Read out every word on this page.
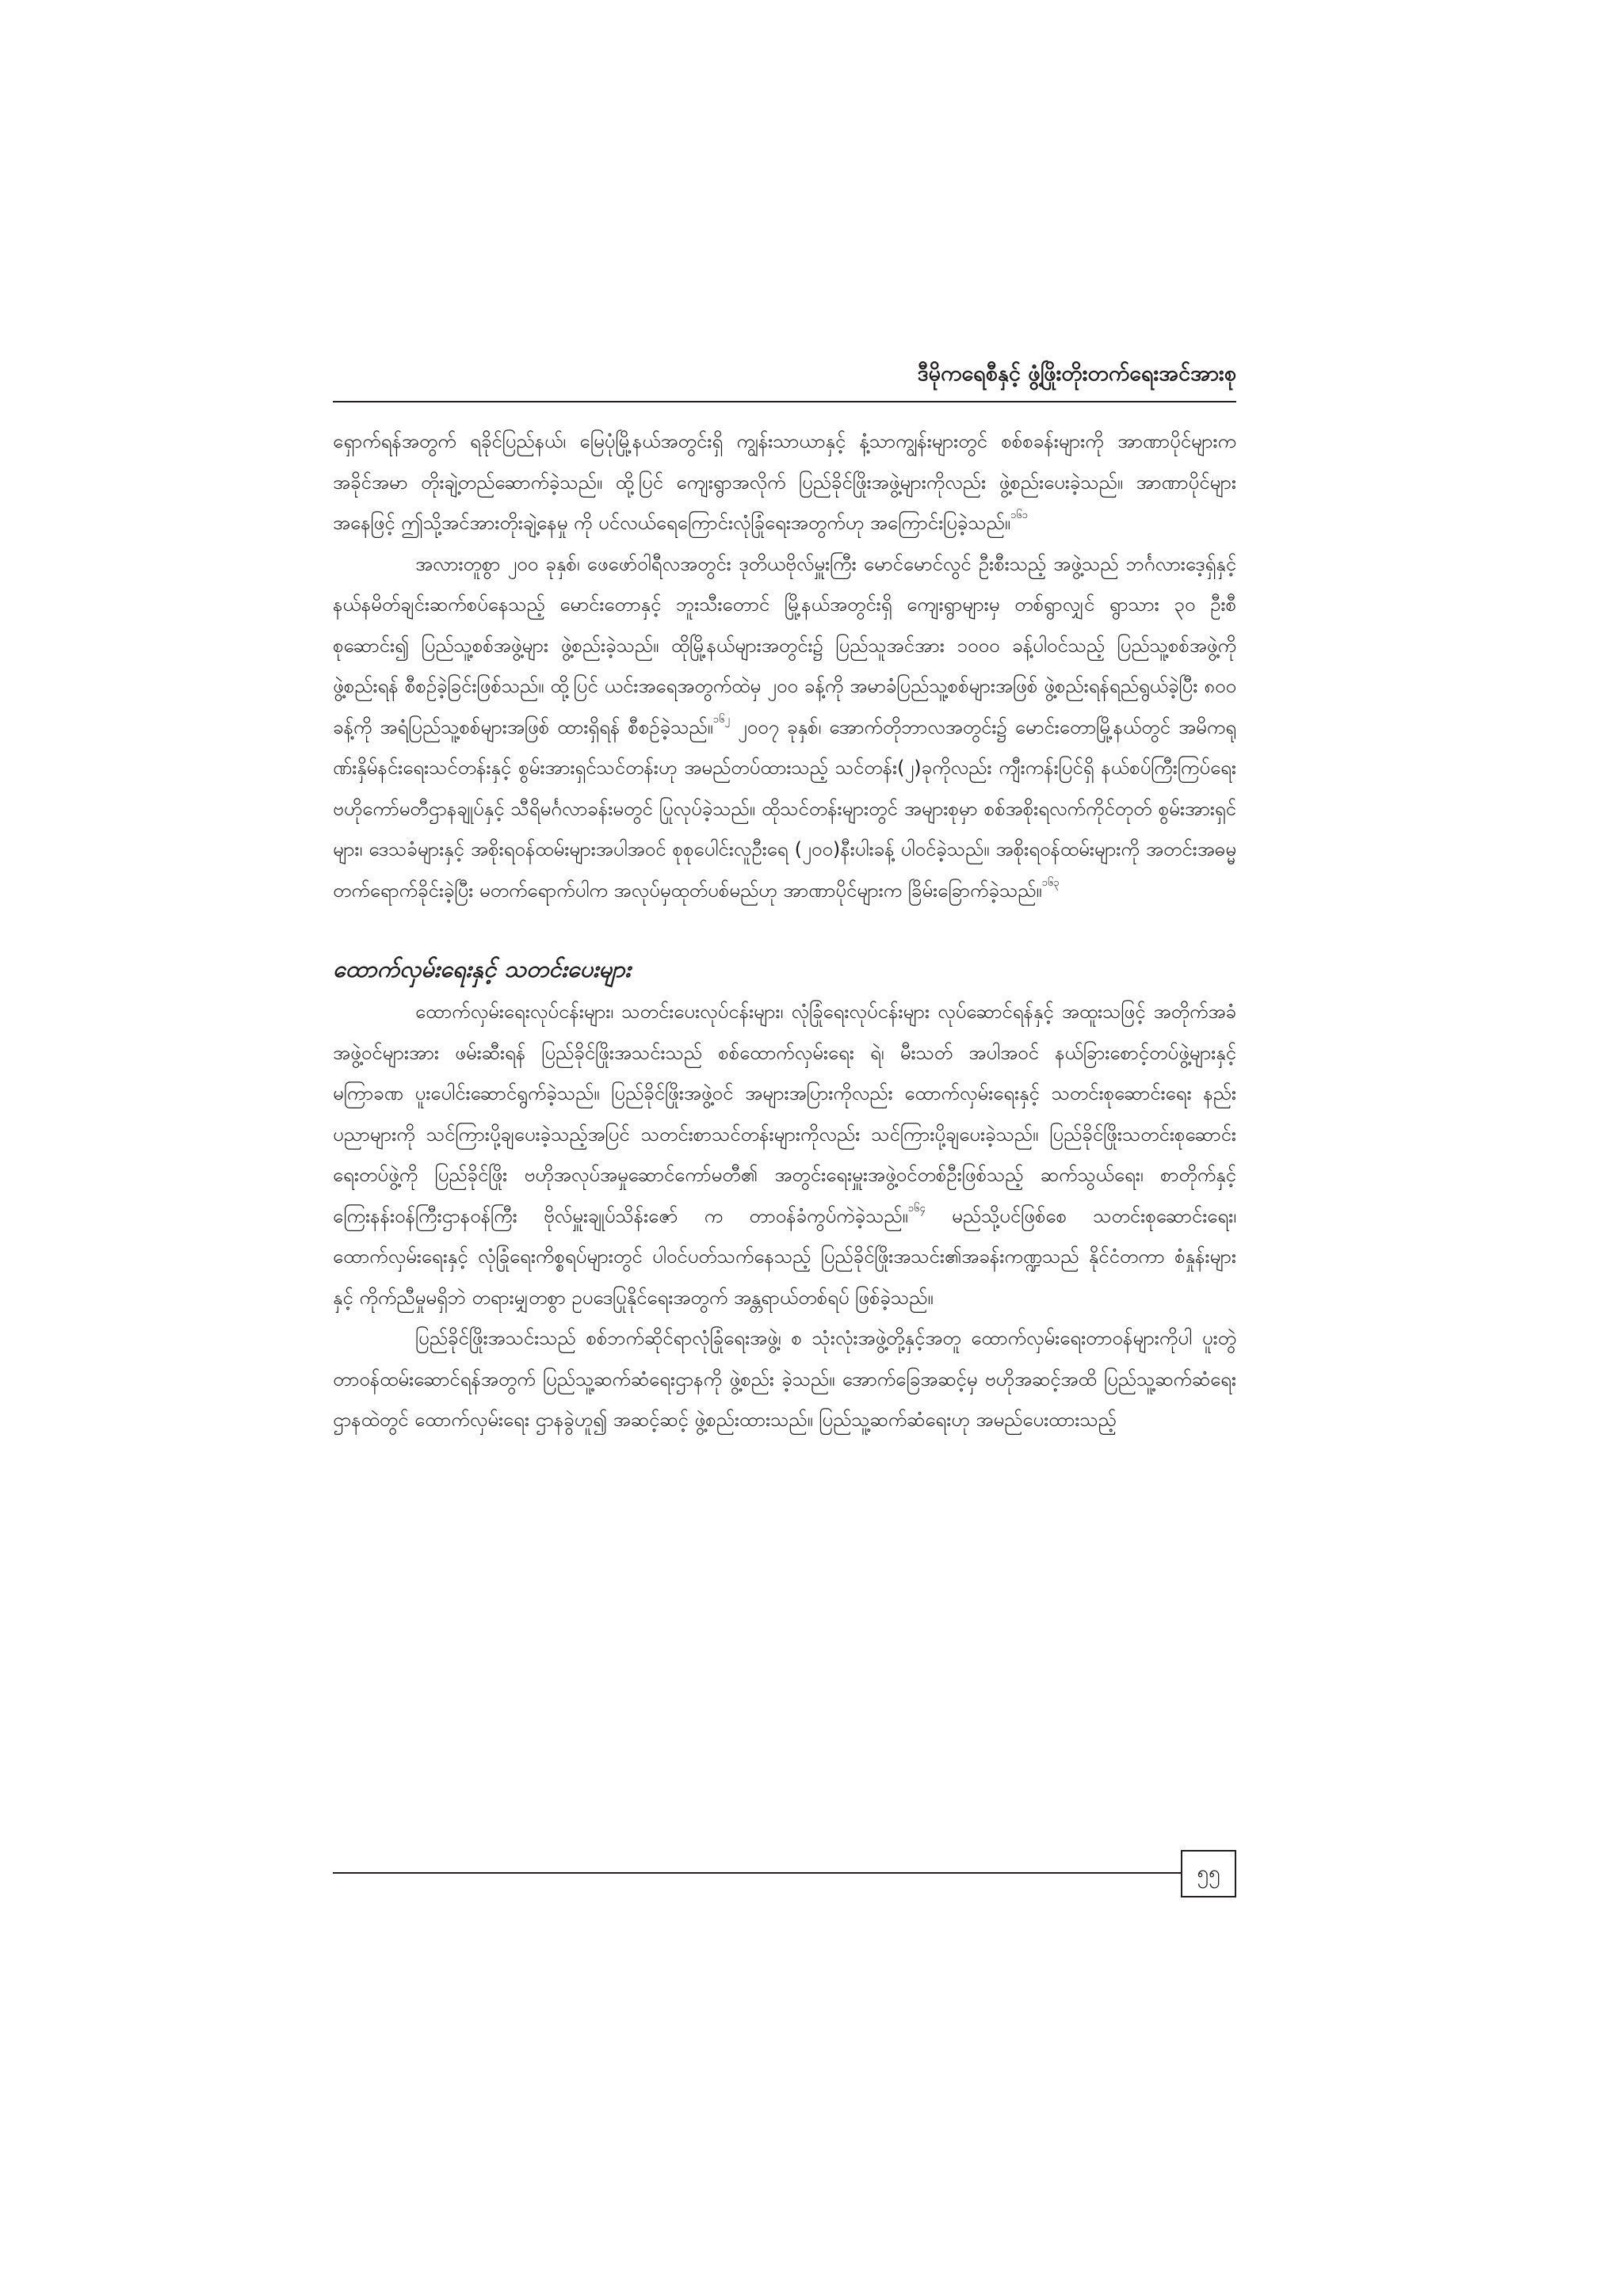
ဒီမိုကရေစီနှင့် ဖွံ့ဖြိုးတိုးတက်ရေးအင်အားစု

ရှောက်ရန်အတွက် ရခိုင်ပြည်နယ်၊ မြေပုံမြို့နယ်အတွင်းရှိ ကျွန်းသာယာနှင့် နံ့သာကျွန်းများတွင် စစ်စခန်းများကို အာဏာပိုင်များက အခိုင်အမာ တိုးချဲ့တည်ဆောက်ခဲ့သည်။ ထို့ပြင် ကျေးရွာအလိုက် ပြည်ခိုင်ဖြိုးအဖွဲ့များကိုလည်း ဖွဲ့စည်းပေးခဲ့သည်။ အာဏာပိုင်များအနေဖြင့် ဤသို့အင်အားတိုးချဲ့နေမှု ကို ပင်လယ်ရေကြောင်းလုံခြုံရေးအတွက်ဟု အကြောင်းပြခဲ့သည်။$^{၁၆၁}$

အလားတူစွာ ၂၀၀ ခုနှစ်၊ ဖေဖော်ဝါရီလအတွင်း ဒုတိယဗိုလ်မှူးကြီး မောင်မောင်လွင် ဦးစီးသည့် အဖွဲ့သည် ဘင်္ဂလားဒေ့ရှ်နှင့် နယ်နမိတ်ချင်းဆက်စပ်နေသည့် မောင်းတောနှင့် ဘူးသီးတောင် မြို့နယ်အတွင်းရှိ ကျေးရွာများမှ တစ်ရွာလျှင် ရွာသား ၃၀ ဦးစီ စုဆောင်း၍ ပြည်သူ့စစ်အဖွဲ့များ ဖွဲ့စည်းခဲ့သည်။ ထိုမြို့နယ်များအတွင်း၌ ပြည်သူအင်အား ၁၀၀၀ ခန့်ပါဝင်သည့် ပြည်သူ့စစ်အဖွဲ့ကို ဖွဲ့စည်းရန် စီစဉ်ခဲ့ခြင်းဖြစ်သည်။ ထို့ပြင် ယင်းအရေအတွက်ထဲမှ ၂၀၀ ခန့်ကို အမာခံပြည်သူ့စစ်များအဖြစ် ဖွဲ့စည်းရန်ရည်ရွယ်ခဲ့ပြီး ၈၀၀ ခန့်ကို အရံပြည်သူ့စစ်များအဖြစ် ထားရှိရန် စီစဉ်ခဲ့သည်။$^{၁၆၂}$ ၂၀၀၇ ခုနှစ်၊ အောက်တိုဘာလအတွင်း၌ မောင်းတောမြို့နယ်တွင် အမိကရုဏ်းနှိမ်နင်းရေးသင်တန်းနှင့် စွမ်းအားရှင်သင်တန်းဟု အမည်တပ်ထားသည့် သင်တန်း(၂)ခုကိုလည်း ကျီးကန်းပြင်ရှိ နယ်စပ်ကြီးကြပ်ရေး ဗဟိုကော်မတီဌာနချုပ်နှင့် သီရိမင်္ဂလာခန်းမတွင် ပြုလုပ်ခဲ့သည်။ ထိုသင်တန်းများတွင် အများစုမှာ စစ်အစိုးရလက်ကိုင်တုတ် စွမ်းအားရှင်များ၊ ဒေသခံများနှင့် အစိုးရဝန်ထမ်းများအပါအဝင် စုစုပေါင်းလူဦးရေ (၂၀၀)နီးပါးခန့် ပါဝင်ခဲ့သည်။ အစိုးရဝန်ထမ်းများကို အတင်းအဓမ္မ တက်ရောက်ခိုင်းခဲ့ပြီး မတက်ရောက်ပါက အလုပ်မှထုတ်ပစ်မည်ဟု အာဏာပိုင်များက ခြိမ်းခြောက်ခဲ့သည်။$^{၁၆၃}$

ထောက်လှမ်းရေးနှင့် သတင်းပေးများ

ထောက်လှမ်းရေးလုပ်ငန်းများ၊ သတင်းပေးလုပ်ငန်းများ၊ လုံခြုံရေးလုပ်ငန်းများ လုပ်ဆောင်ရန်နှင့် အထူးသဖြင့် အတိုက်အခံအဖွဲ့ဝင်များအား ဖမ်းဆီးရန် ပြည်ခိုင်ဖြိုးအသင်းသည် စစ်ထောက်လှမ်းရေး ရဲ၊ မီးသတ် အပါအဝင် နယ်ခြားစောင့်တပ်ဖွဲ့များနှင့် မကြာခဏ ပူးပေါင်းဆောင်ရွက်ခဲ့သည်။ ပြည်ခိုင်ဖြိုးအဖွဲ့ဝင် အများအပြားကိုလည်း ထောက်လှမ်းရေးနှင့် သတင်းစုဆောင်းရေး နည်းပညာများကို သင်ကြားပို့ချပေးခဲ့သည့်အပြင် သတင်းစာသင်တန်းများကိုလည်း သင်ကြားပို့ချပေးခဲ့သည်။ ပြည်ခိုင်ဖြိုးသတင်းစုဆောင်းရေးတပ်ဖွဲ့ကို ပြည်ခိုင်ဖြိုး ဗဟိုအလုပ်အမှုဆောင်ကော်မတီ၏ အတွင်းရေးမှူးအဖွဲ့ဝင်တစ်ဦးဖြစ်သည့် ဆက်သွယ်ရေး၊ စာတိုက်နှင့် ကြေးနန်းဝန်ကြီးဌာနဝန်ကြီး ဗိုလ်မှူးချုပ်သိန်းဇော် က တာဝန်ခံကွပ်ကဲခဲ့သည်။$^{၁၆၄}$ မည်သို့ပင်ဖြစ်စေ သတင်းစုဆောင်းရေး၊ ထောက်လှမ်းရေးနှင့် လုံခြုံရေးကိစ္စရပ်များတွင် ပါဝင်ပတ်သက်နေသည့် ပြည်ခိုင်ဖြိုးအသင်း၏အခန်းကဏ္ဍသည် နိုင်ငံတကာ စံနှုန်းများနှင့် ကိုက်ညီမှုမရှိဘဲ တရားမျှတစွာ ဥပဒေပြုနိုင်ရေးအတွက် အန္တရာယ်တစ်ရပ် ဖြစ်ခဲ့သည်။

ပြည်ခိုင်ဖြိုးအသင်းသည် စစ်ဘက်ဆိုင်ရာလုံခြုံရေးအဖွဲ့၊ စ သုံးလုံးအဖွဲ့တို့နှင့်အတူ ထောက်လှမ်းရေးတာဝန်များကိုပါ ပူးတွဲတာဝန်ထမ်းဆောင်ရန်အတွက် ပြည်သူ့ဆက်ဆံရေးဌာနကို ဖွဲ့စည်း ခဲ့သည်။ အောက်ခြေအဆင့်မှ ဗဟိုအဆင့်အထိ ပြည်သူ့ဆက်ဆံရေးဌာနထဲတွင် ထောက်လှမ်းရေး ဌာနခွဲဟူ၍ အဆင့်ဆင့် ဖွဲ့စည်းထားသည်။ ပြည်သူ့ဆက်ဆံရေးဟု အမည်ပေးထားသည့်

၅၅
